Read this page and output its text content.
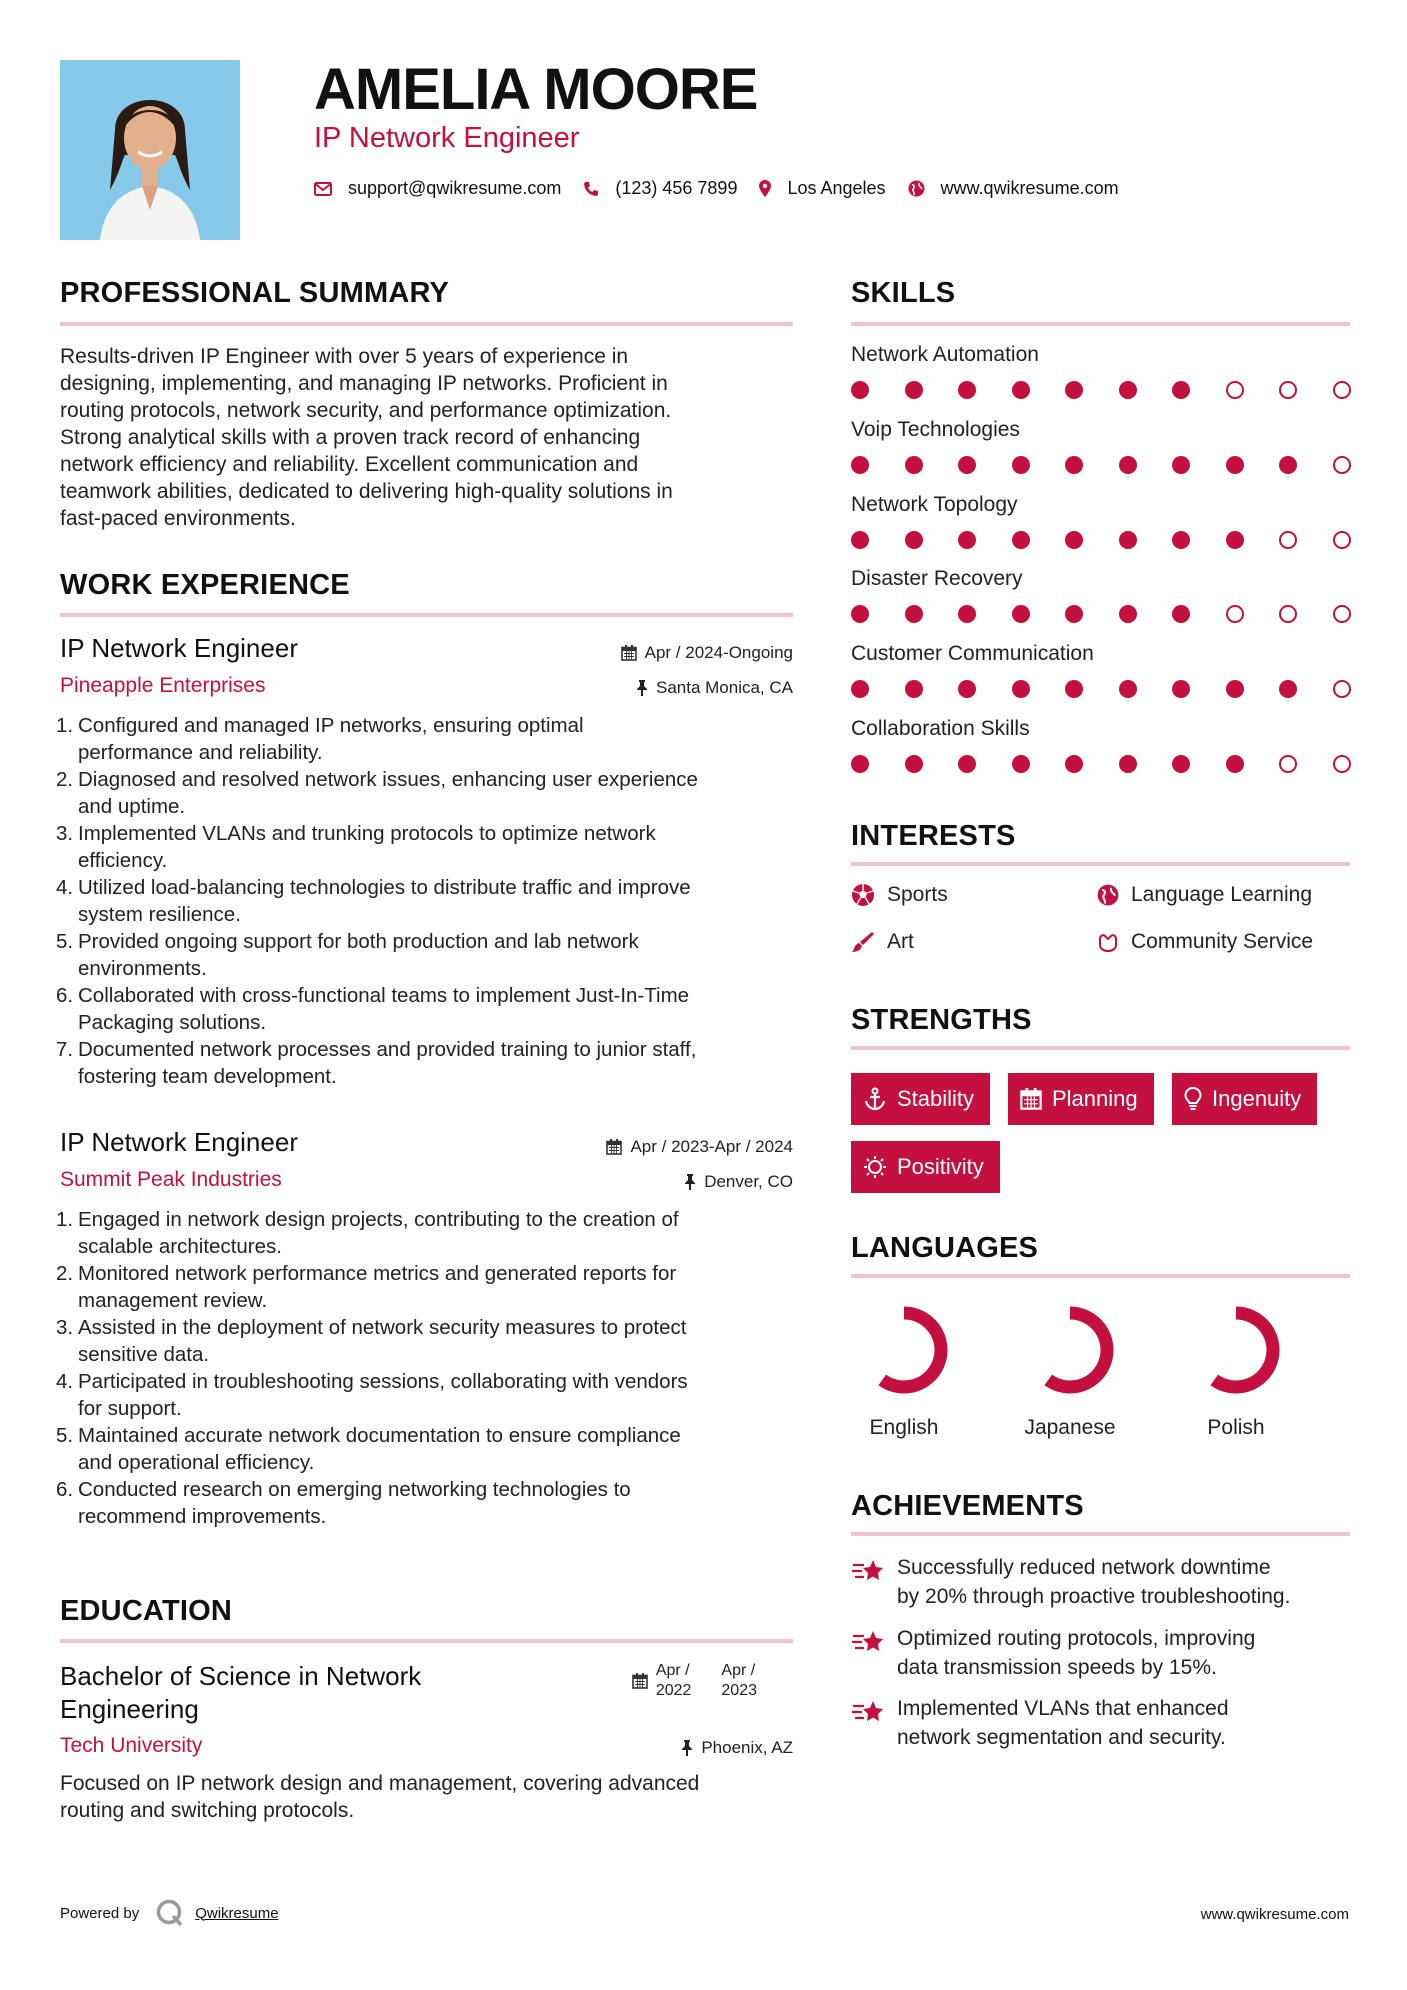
AMELIA MOORE
IP Network Engineer
support@qwikresume.com	(123) 456 7899	Los Angeles	www.qwikresume.com
PROFESSIONAL SUMMARY
Results-driven IP Engineer with over 5 years of experience in
designing, implementing, and managing IP networks. Proficient in
routing protocols, network security, and performance optimization.
Strong analytical skills with a proven track record of enhancing
network efficiency and reliability. Excellent communication and
teamwork abilities, dedicated to delivering high-quality solutions in
fast-paced environments.
WORK EXPERIENCE
IP Network Engineer
Pineapple Enterprises
Apr / 2024-Ongoing
Santa Monica, CA
1. Configured and managed IP networks, ensuring optimal
performance and reliability.
2. Diagnosed and resolved network issues, enhancing user experience
and uptime.
3. Implemented VLANs and trunking protocols to optimize network
efficiency.
4. Utilized load-balancing technologies to distribute traffic and improve
system resilience.
5. Provided ongoing support for both production and lab network
environments.
6. Collaborated with cross-functional teams to implement Just-In-Time
Packaging solutions.
7. Documented network processes and provided training to junior staff,
fostering team development.
IP Network Engineer
Summit Peak Industries
Apr / 2023-Apr / 2024
Denver, CO
1. Engaged in network design projects, contributing to the creation of
scalable architectures.
2. Monitored network performance metrics and generated reports for
management review.
3. Assisted in the deployment of network security measures to protect
sensitive data.
4. Participated in troubleshooting sessions, collaborating with vendors
for support.
5. Maintained accurate network documentation to ensure compliance
and operational efficiency.
6. Conducted research on emerging networking technologies to
recommend improvements.
EDUCATION
Bachelor of Science in Network
Engineering
Tech University
Apr /
2022
Apr /
2023
Phoenix, AZ
Focused on IP network design and management, covering advanced
routing and switching protocols.
SKILLS
Network Automation
Voip Technologies
Network Topology
Disaster Recovery
Customer Communication
Collaboration Skills
INTERESTS
Sports	Language Learning
Art	Community Service
STRENGTHS
Stability	Planning	Ingenuity
Positivity
LANGUAGES
English	Japanese	Polish
ACHIEVEMENTS
Successfully reduced network downtime
by 20% through proactive troubleshooting.
Optimized routing protocols, improving
data transmission speeds by 15%.
Implemented VLANs that enhanced
network segmentation and security.
Powered by	Qwikresume	www.qwikresume.com
